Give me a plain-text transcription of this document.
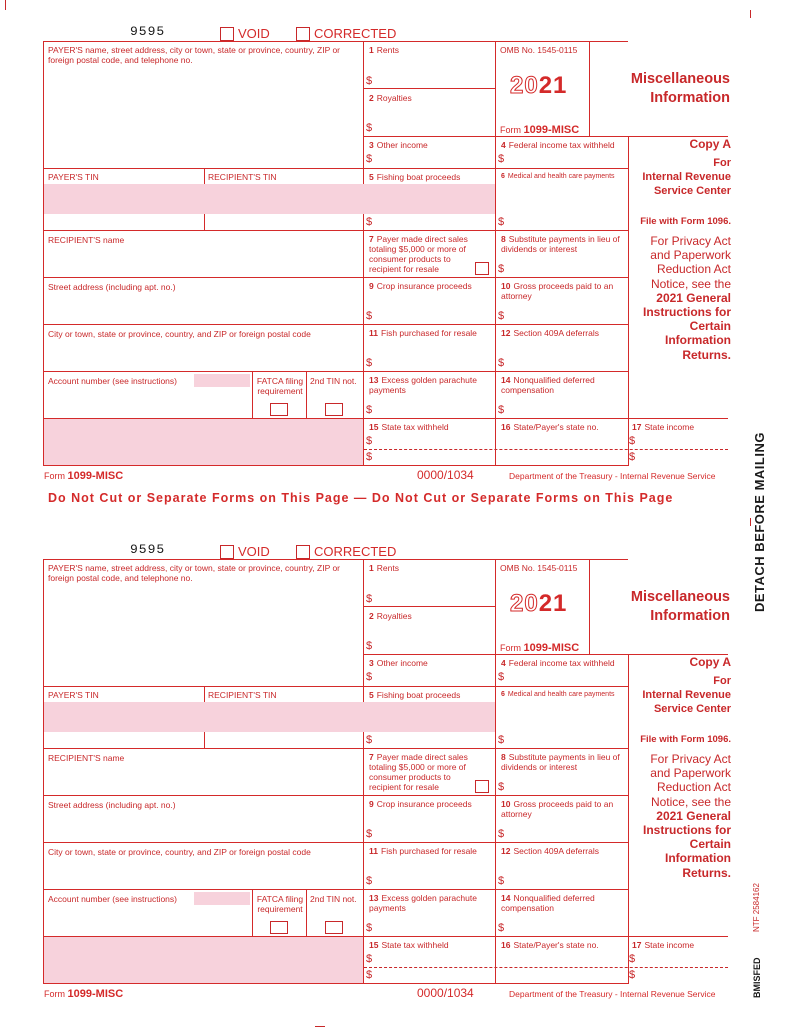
9595	VOID	CORRECTED
PAYER'S name, street address, city or town, state or province, country, ZIP or foreign postal code, and telephone no.
PAYER'S TIN	RECIPIENT'S TIN
RECIPIENT'S name
Street address (including apt. no.)
City or town, state or province, country, and ZIP or foreign postal code
Account number (see instructions)	FATCA filing requirement
2nd TIN not.
OMB No. 1545-0115
2021
Form 1099-MISC
Miscellaneous
Information
Copy A
For
Internal Revenue
Service Center
File with Form 1096.
For Privacy Act
and Paperwork
Reduction Act
Notice, see the
2021 General
Instructions for
Certain
Information
Returns.
1 Rents
$
2 Royalties
$
3 Other income
$
4 Federal income tax withheld
$
5 Fishing boat proceeds
$
6 Medical and health care payments
$
7 Payer made direct sales totaling $5,000 or more of consumer products to recipient for resale
8 Substitute payments in lieu of dividends or interest
$
9 Crop insurance proceeds
$
10 Gross proceeds paid to an attorney
$
11 Fish purchased for resale
$
12 Section 409A deferrals
$
13 Excess golden parachute payments
$
14 Nonqualified deferred compensation
$
15 State tax withheld
$
$
16 State/Payer's state no.	17 State income
$
$
Form 1099-MISC	0000/1034	Department of the Treasury - Internal Revenue Service
Do Not Cut or Separate Forms on This Page — Do Not Cut or Separate Forms on This Page
9595	VOID	CORRECTED
PAYER'S name, street address, city or town, state or province, country, ZIP or foreign postal code, and telephone no.
PAYER'S TIN	RECIPIENT'S TIN
RECIPIENT'S name
Street address (including apt. no.)
City or town, state or province, country, and ZIP or foreign postal code
Account number (see instructions)	FATCA filing requirement
2nd TIN not.
OMB No. 1545-0115
2021
Form 1099-MISC
Miscellaneous
Information
Copy A
For
Internal Revenue
Service Center
File with Form 1096.
For Privacy Act
and Paperwork
Reduction Act
Notice, see the
2021 General
Instructions for
Certain
Information
Returns.
1 Rents
$
2 Royalties
$
3 Other income
$
4 Federal income tax withheld
$
5 Fishing boat proceeds
$
6 Medical and health care payments
$
7 Payer made direct sales totaling $5,000 or more of consumer products to recipient for resale
8 Substitute payments in lieu of dividends or interest
$
9 Crop insurance proceeds
$
10 Gross proceeds paid to an attorney
$
11 Fish purchased for resale
$
12 Section 409A deferrals
$
13 Excess golden parachute payments
$
14 Nonqualified deferred compensation
$
15 State tax withheld
$
$
16 State/Payer's state no.	17 State income
$
$
Form 1099-MISC	0000/1034	Department of the Treasury - Internal Revenue Service
DETACH BEFORE MAILING
BMISFED
NTF 2584162
